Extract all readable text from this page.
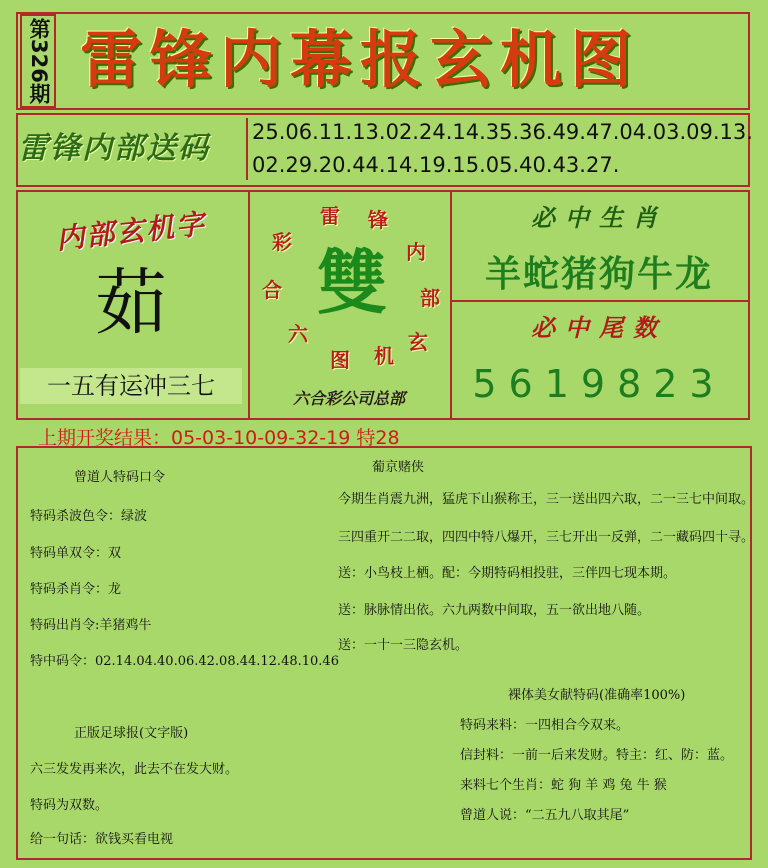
第326期 雷锋内幕报玄机图
雷锋内部送码	25.06.11.13.02.24.14.35.36.49.47.04.03.09.13.
02.29.20.44.14.19.15.05.40.43.27.
内部玄机字
茹
一五有运冲三七
雷 锋
内
部
玄
机
图
六
合
彩 雙
六合彩公司总部
必中生肖
羊蛇猪狗牛龙
必中尾数
5619823
上期开奖结果：05-03-10-09-32-19 特28
曾道人特码口令
特码杀波色令：绿波
特码单双令：双
特码杀肖令：龙
特码出肖令:羊猪鸡牛
特中码令：02.14.04.40.06.42.08.44.12.48.10.46
正版足球报(文字版)
六三发发再来次，此去不在发大财。
特码为双数。
给一句话：欲钱买看电视
葡京赌侠
今期生肖震九洲，猛虎下山猴称王，三一送出四六取，二一三七中间取。
三四重开二二取，四四中特八爆开，三七开出一反弹，二一藏码四十寻。
送：小鸟枝上栖。配：今期特码相投驻，三伴四七现本期。
送：脉脉情出依。六九两数中间取，五一欲出地八随。
送：一十一三隐玄机。
裸体美女献特码(准确率100%)
特码来料：一四相合今双来。
信封料：一前一后来发财。特主：红、防：蓝。
来料七个生肖：蛇 狗 羊 鸡 兔 牛 猴
曾道人说：“二五九八取其尾”
